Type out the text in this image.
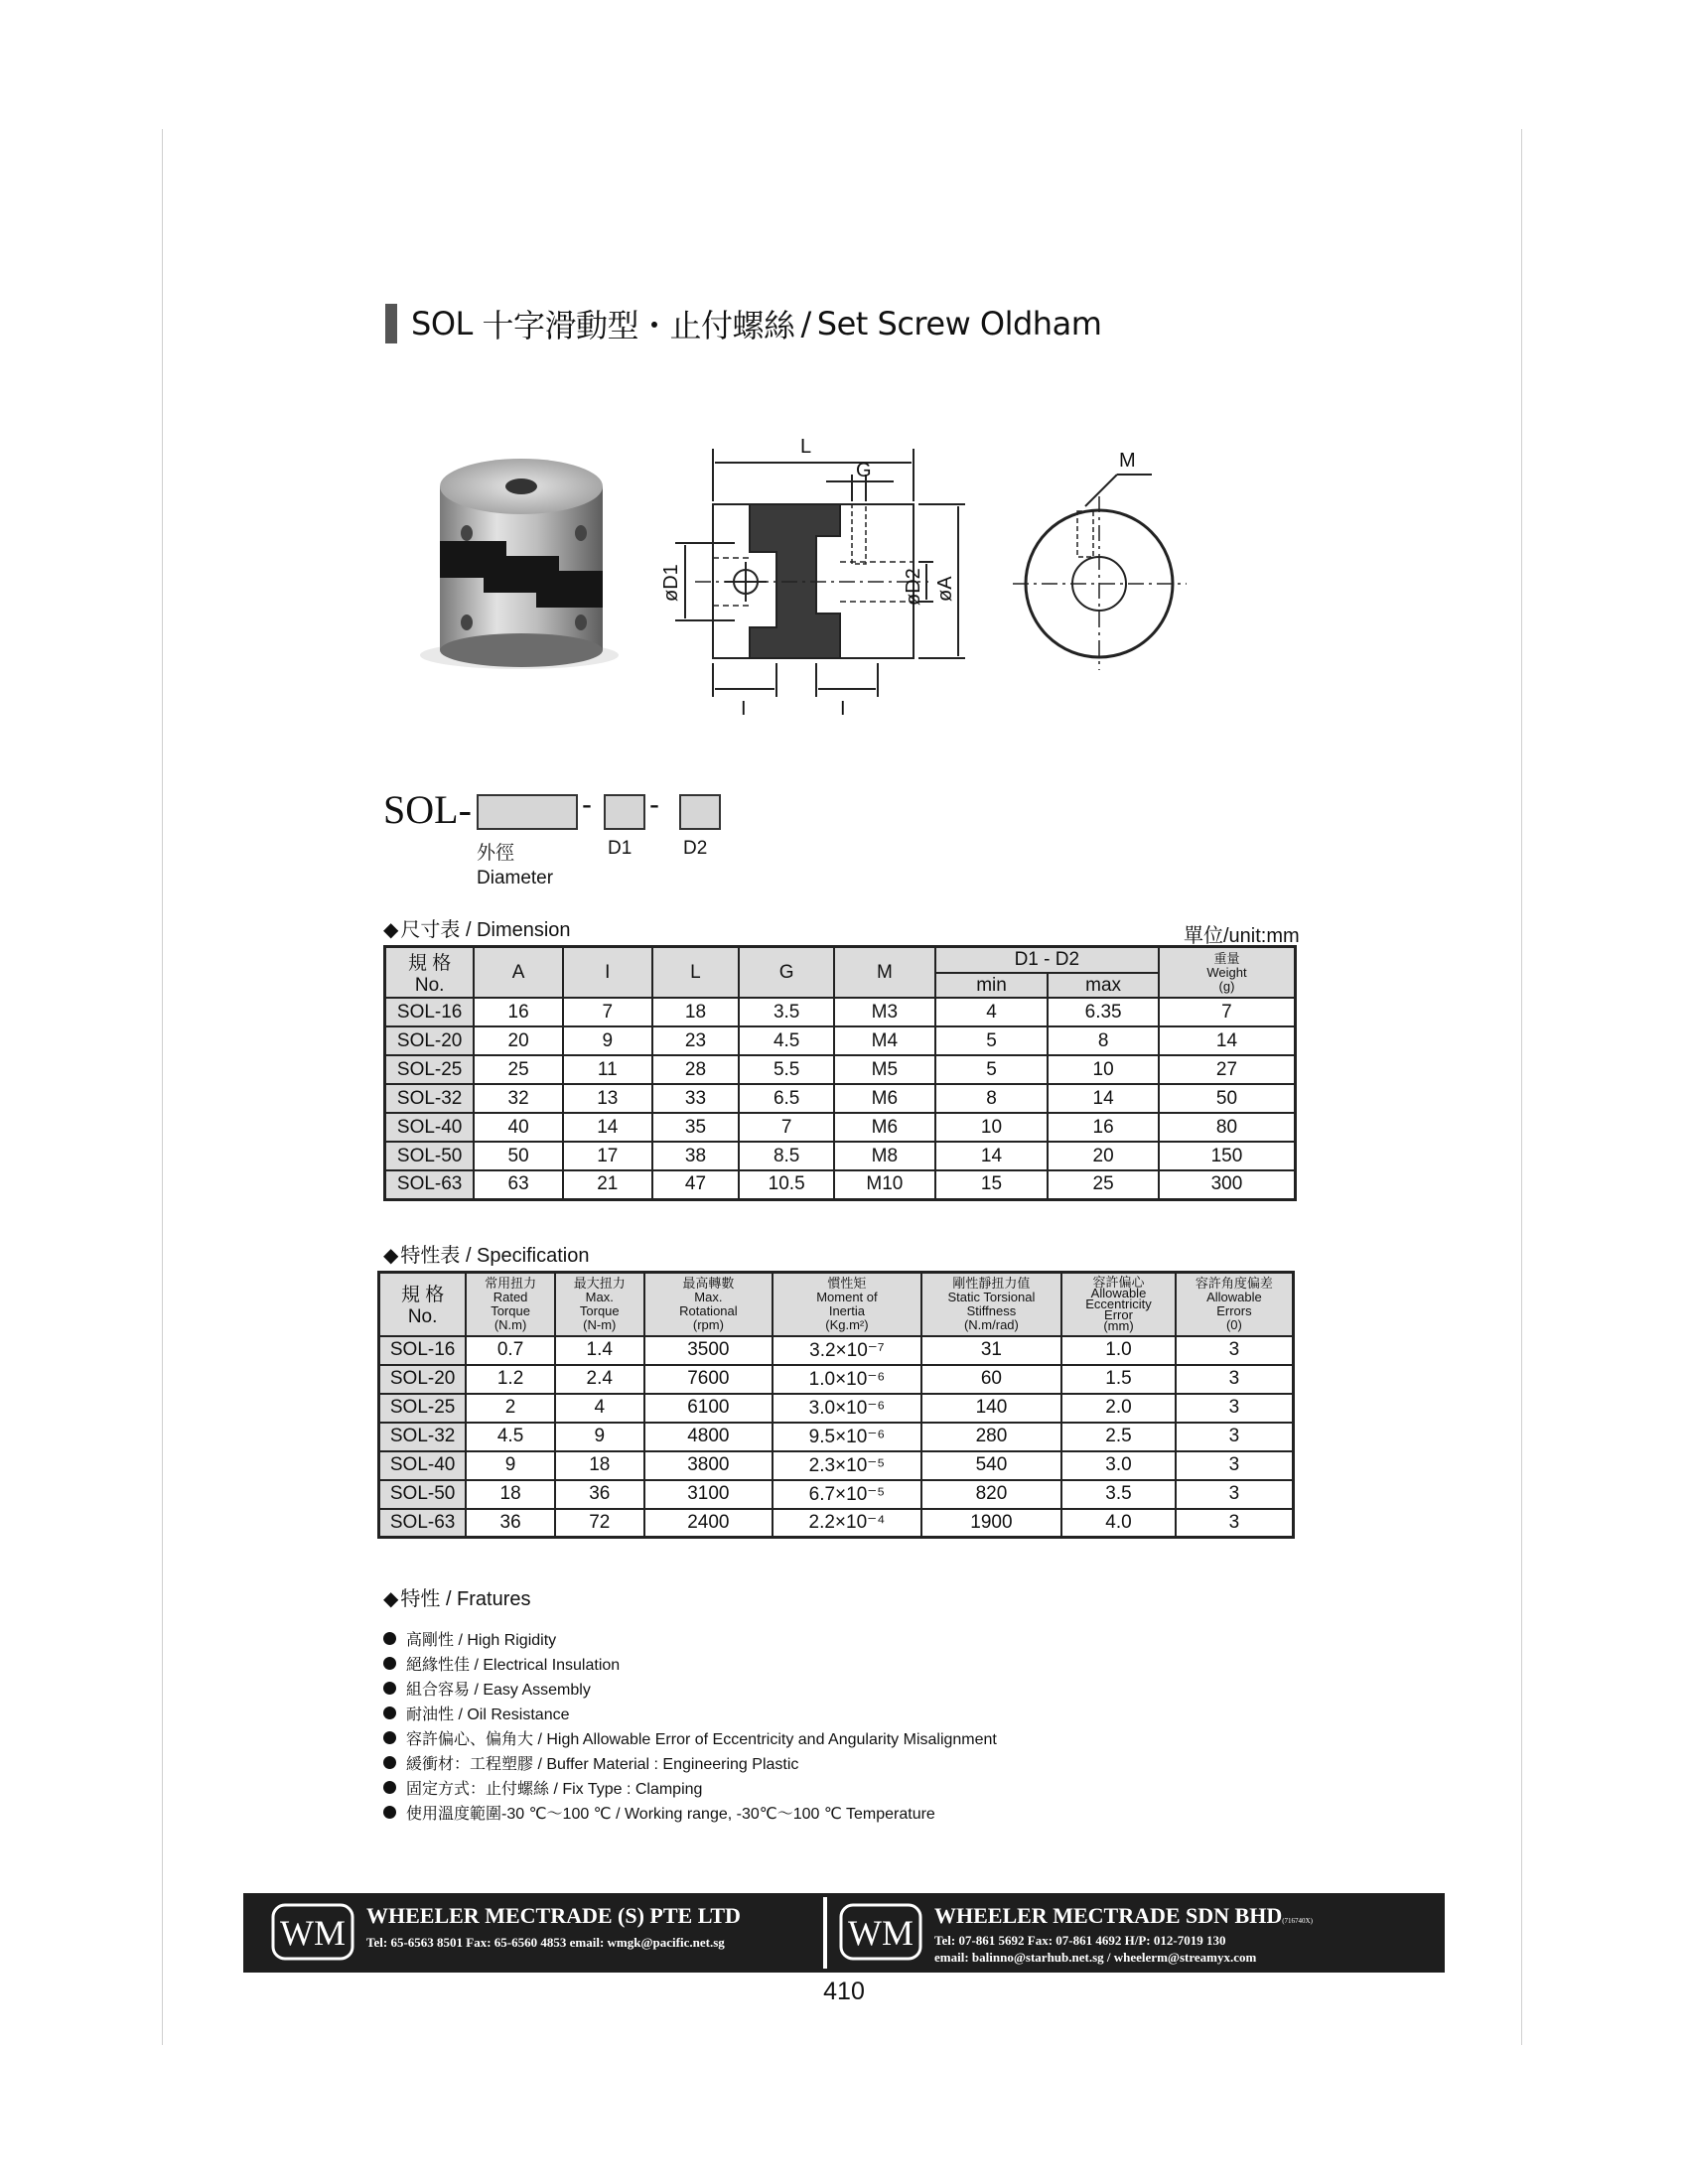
SOL
十字滑動型・止付螺絲 / Set Screw Oldham
L
G	M
I	I
øD1	øD2 øA
SOL-	- -
外徑	D1	D2
Diameter
◆ 尺寸表 / Dimension	單位/unit:mm
規 格
No.	A	I	L	G	M	D1 - D2		重量
Weight
(g)

						min	max	
SOL-16	16	7	18	3.5	M3	4	6.35	7
SOL-20	20	9	23	4.5	M4	5	8	14
SOL-25	25	11	28	5.5	M5	5	10	27
SOL-32	32	13	33	6.5	M6	8	14	50
SOL-40	40	14	35	7	M6	10	16	80
SOL-50	50	17	38	8.5	M8	14	20	150
SOL-63	63	21	47	10.5	M10	15	25	300
◆ 特性表 / Specification
規 格
No.	常用扭力
Rated
Torque
(N.m)	最大扭力
Max.
Torque
(N-m)	最高轉數
Max.
Rotational
(rpm)	慣性矩
Moment of
Inertia
(Kg.m²)	剛性靜扭力值
Static Torsional
Stiffness
(N.m/rad)	容許偏心
Allowable
Eccentricity
Error
(mm)	容許角度偏差
Allowable
Errors
(0)

SOL-16	0.7	1.4	3500	3.2×10⁻⁷	31	1.0	3
SOL-20	1.2	2.4	7600	1.0×10⁻⁶	60	1.5	3
SOL-25	2	4	6100	3.0×10⁻⁶	140	2.0	3
SOL-32	4.5	9	4800	9.5×10⁻⁶	280	2.5	3
SOL-40	9	18	3800	2.3×10⁻⁵	540	3.0	3
SOL-50	18	36	3100	6.7×10⁻⁵	820	3.5	3
SOL-63	36	72	2400	2.2×10⁻⁴	1900	4.0	3
◆ 特性 / Fratures
高剛性 / High Rigidity
絕緣性佳 / Electrical Insulation
組合容易 / Easy Assembly
耐油性 / Oil Resistance
容許偏心、偏角大 / High Allowable Error of Eccentricity and Angularity Misalignment
緩衝材：工程塑膠 / Buffer Material : Engineering Plastic
固定方式：止付螺絲 / Fix Type : Clamping
使用溫度範圍-30 ℃～100 ℃ / Working range, -30℃～100 ℃ Temperature
WM WHEELER MECTRADE (S) PTE LTD
Tel: 65-6563 8501 Fax: 65-6560 4853 email: wmgk@pacific.net.sg	WM WHEELER MECTRADE SDN BHD(716740X)
Tel: 07-861 5692 Fax: 07-861 4692 H/P: 012-7019 130
email: balinno@starhub.net.sg / wheelerm@streamyx.com
410
